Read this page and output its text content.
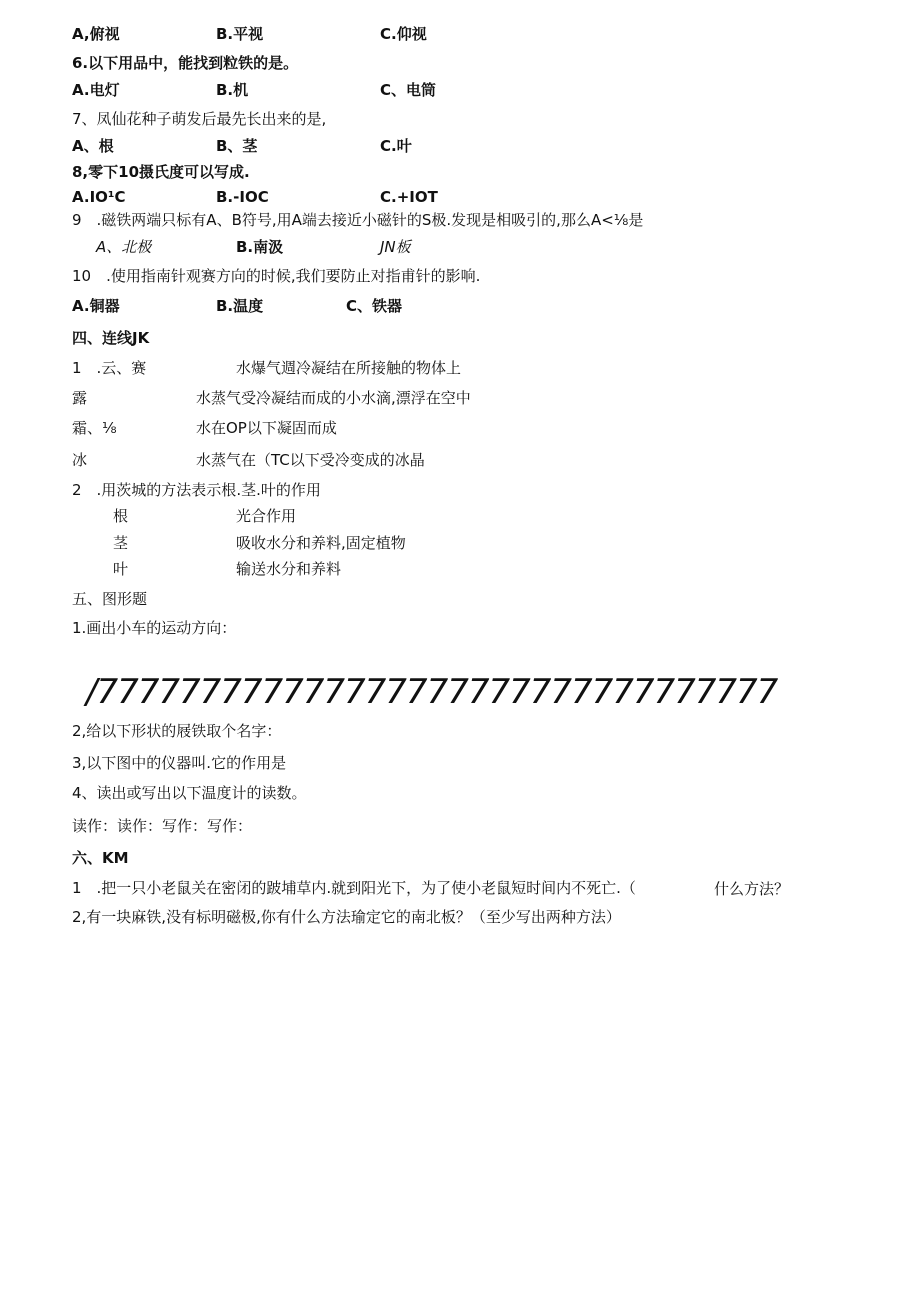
A,俯视	B.平视	C.仰视
6.以下用品中，能找到粒铁的是。
A.电灯	B.机	C、电筒
7、凤仙花种子萌发后最先长出来的是,
A、根	B、茎	C.叶
8,零下10摄氏度可以写成.
A.IO¹C	B.-IOC	C.+IOT
9　.磁铁两端只标有A、B符号,用A端去接近小磁针的S极.发现是相吸引的,那么A<⅛是
A、北极	B.南汲	JN板
10　.使用指南针观赛方向的时候,我们要防止对指甫针的影响.
A.铜器	B.温度	C、铁器
四、连线JK
1　.云、赛	水爆气週冷凝结在所接触的物体上
露	水蒸气受冷凝结而成的小水滴,漂浮在空中
霜、⅛	水在OP以下凝固而成
冰	水蒸气在（TC以下受冷变成的冰晶
2　.用茨城的方法表示根.茎.叶的作用
根	光合作用
茎	吸收水分和养料,固定植物
叶	输送水分和养料
五、图形题
1.画出小车的运动方向：
/777777777777777777777777777777777
2,给以下形状的屐铁取个名字：
3,以下图中的仪器叫.它的作用是
4、读出或写出以下温度计的读数。
读作：读作：写作：写作：
六、KM
1　.把一只小老鼠关在密闭的跛埔草内.就到阳光下，为了使小老鼠短时间内不死亡.（	什么方法？
2,有一块麻铁,没有标明磁极,你有什么方法瑜定它的南北板？（至少写出两种方法）
